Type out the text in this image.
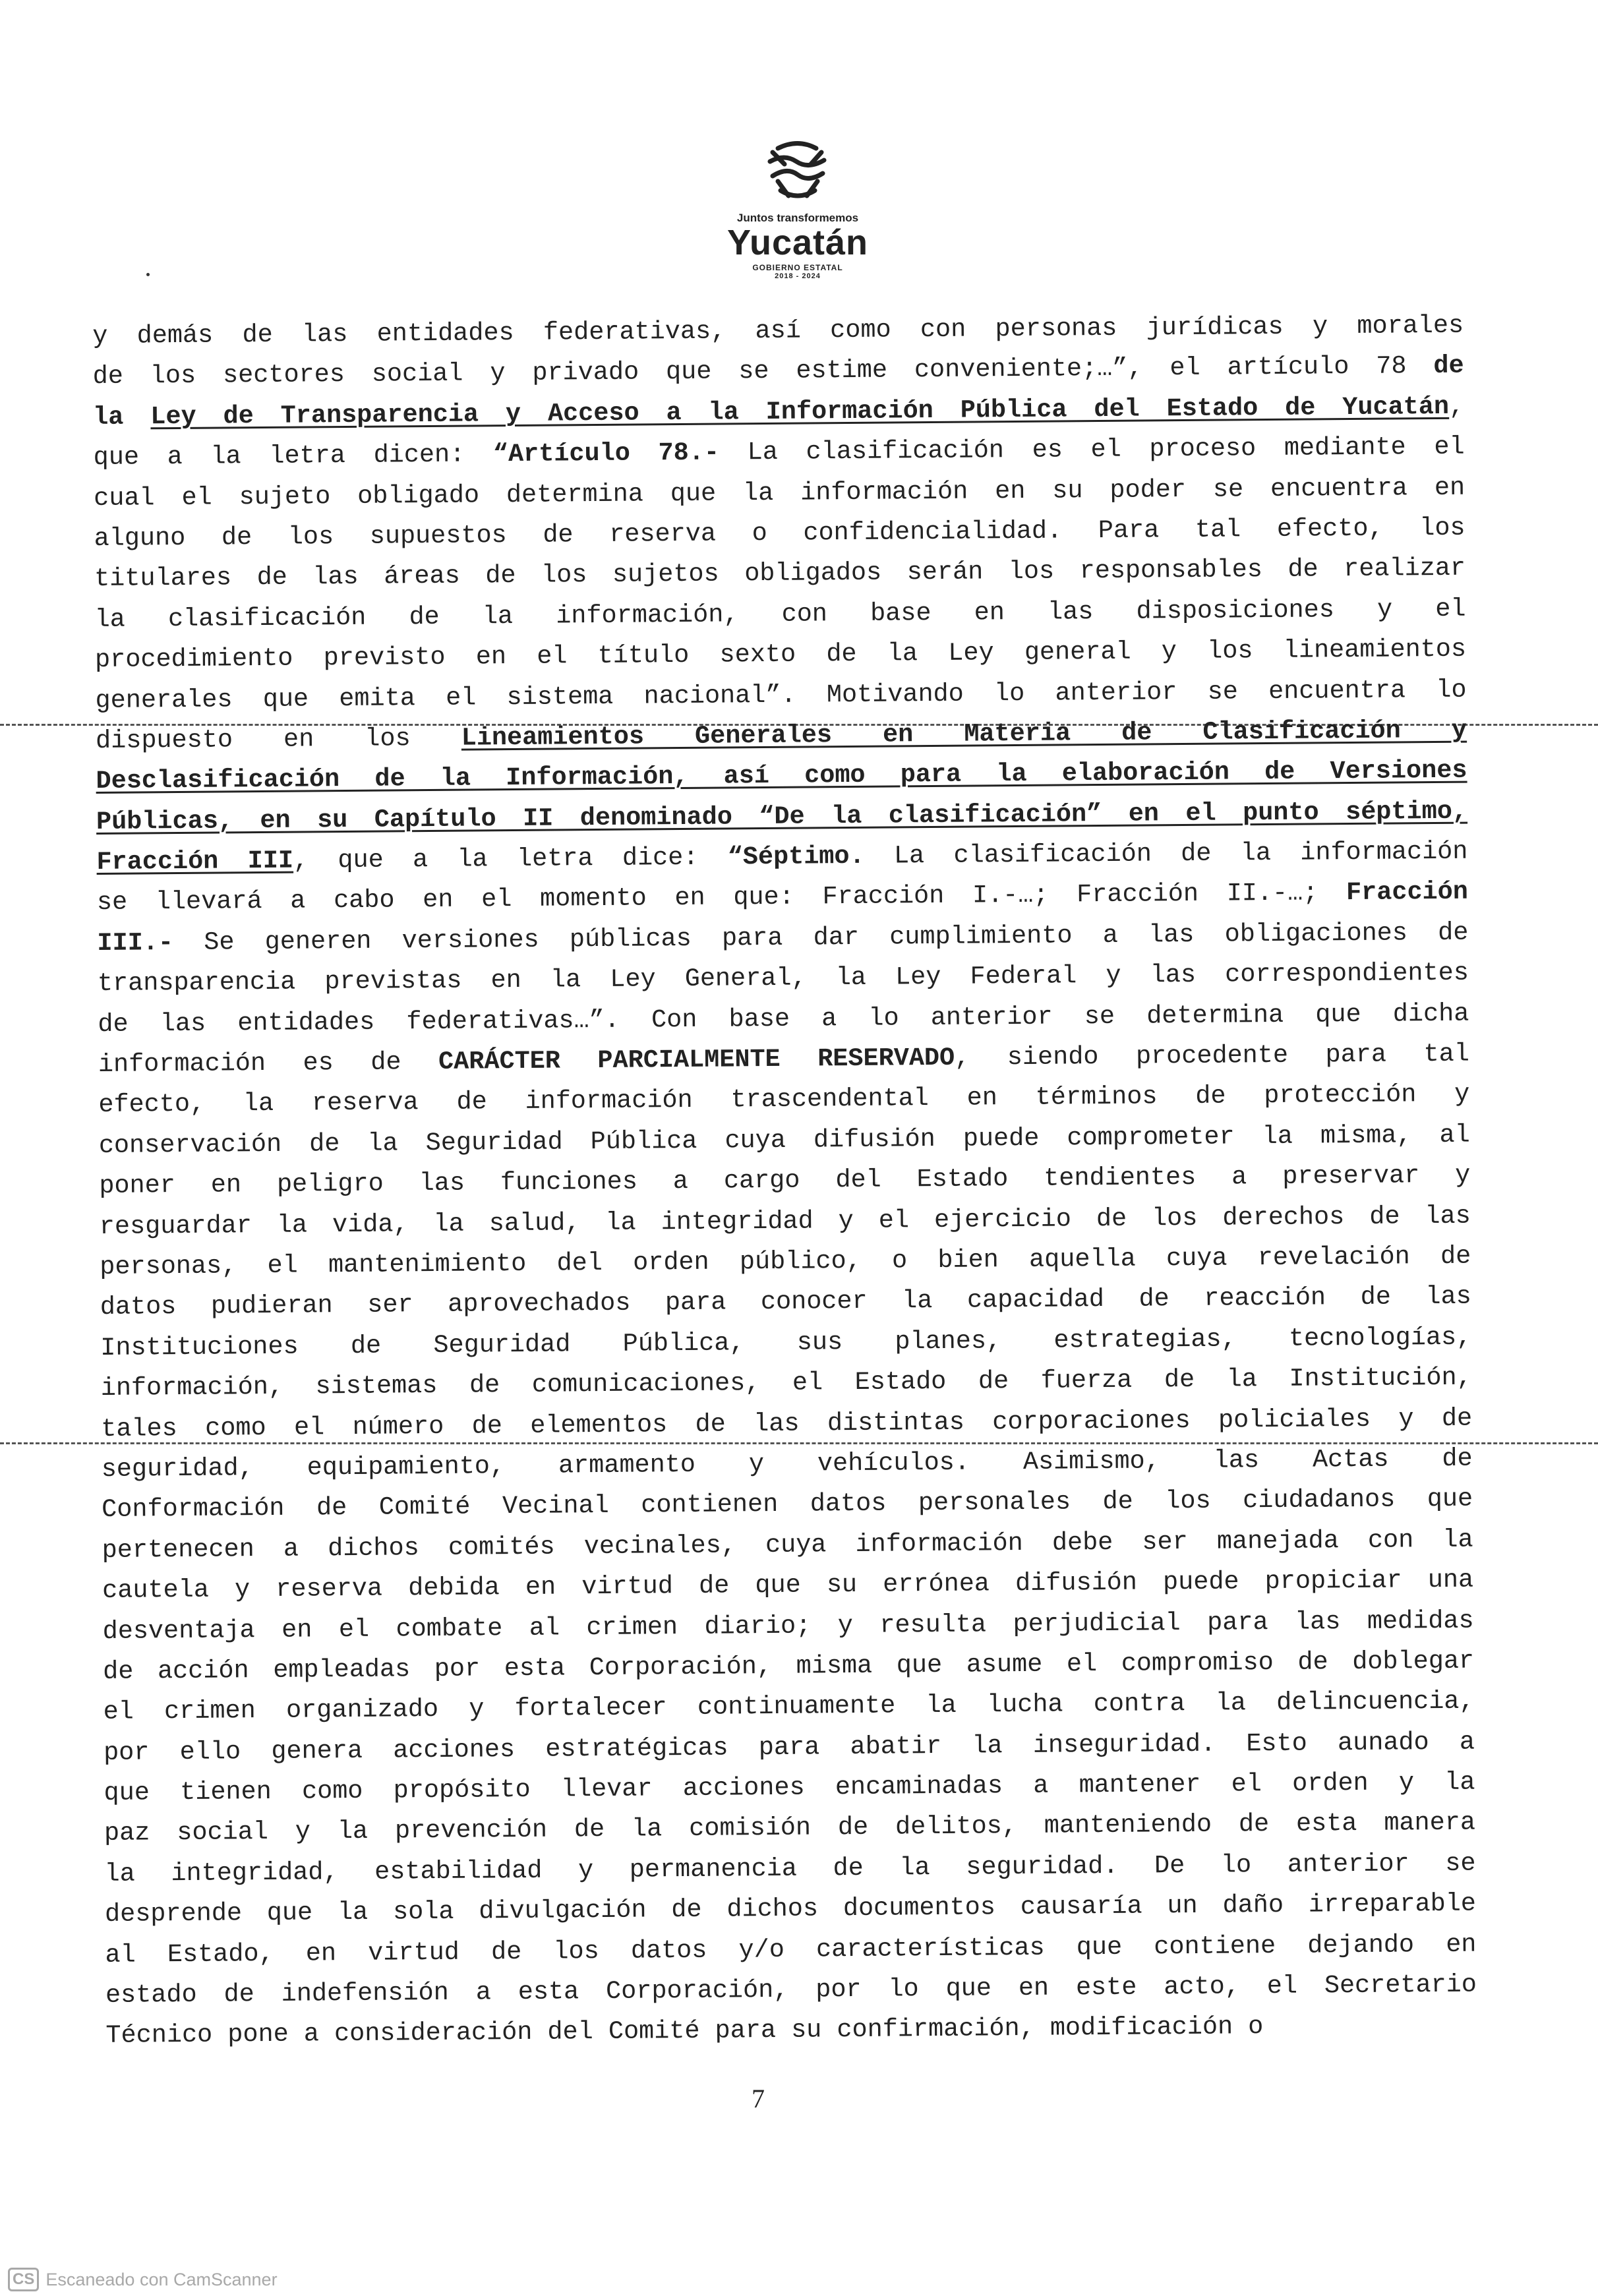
Juntos transformemos
Yucatán
GOBIERNO ESTATAL
2018 - 2024
y demás de las entidades federativas, así como con personas jurídicas y morales
de los sectores social y privado que se estime conveniente;…”, el artículo 78 de
la Ley de Transparencia y Acceso a la Información Pública del Estado de Yucatán,
que a la letra dicen: “Artículo 78.- La clasificación es el proceso mediante el
cual el sujeto obligado determina que la información en su poder se encuentra en
alguno de los supuestos de reserva o confidencialidad. Para tal efecto, los
titulares de las áreas de los sujetos obligados serán los responsables de realizar
la clasificación de la información, con base en las disposiciones y el
procedimiento previsto en el título sexto de la Ley general y los lineamientos
generales que emita el sistema nacional”. Motivando lo anterior se encuentra lo
dispuesto en los Lineamientos Generales en Materia de Clasificación y
Desclasificación de la Información, así como para la elaboración de Versiones
Públicas, en su Capítulo II denominado “De la clasificación” en el punto séptimo,
Fracción III, que a la letra dice: “Séptimo. La clasificación de la información
se llevará a cabo en el momento en que: Fracción I.-…; Fracción II.-…; Fracción
III.- Se generen versiones públicas para dar cumplimiento a las obligaciones de
transparencia previstas en la Ley General, la Ley Federal y las correspondientes
de las entidades federativas…”. Con base a lo anterior se determina que dicha
información es de CARÁCTER PARCIALMENTE RESERVADO, siendo procedente para tal
efecto, la reserva de información trascendental en términos de protección y
conservación de la Seguridad Pública cuya difusión puede comprometer la misma, al
poner en peligro las funciones a cargo del Estado tendientes a preservar y
resguardar la vida, la salud, la integridad y el ejercicio de los derechos de las
personas, el mantenimiento del orden público, o bien aquella cuya revelación de
datos pudieran ser aprovechados para conocer la capacidad de reacción de las
Instituciones de Seguridad Pública, sus planes, estrategias, tecnologías,
información, sistemas de comunicaciones, el Estado de fuerza de la Institución,
tales como el número de elementos de las distintas corporaciones policiales y de
seguridad, equipamiento, armamento y vehículos. Asimismo, las Actas de
Conformación de Comité Vecinal contienen datos personales de los ciudadanos que
pertenecen a dichos comités vecinales, cuya información debe ser manejada con la
cautela y reserva debida en virtud de que su errónea difusión puede propiciar una
desventaja en el combate al crimen diario; y resulta perjudicial para las medidas
de acción empleadas por esta Corporación, misma que asume el compromiso de doblegar
el crimen organizado y fortalecer continuamente la lucha contra la delincuencia,
por ello genera acciones estratégicas para abatir la inseguridad. Esto aunado a
que tienen como propósito llevar acciones encaminadas a mantener el orden y la
paz social y la prevención de la comisión de delitos, manteniendo de esta manera
la integridad, estabilidad y permanencia de la seguridad. De lo anterior se
desprende que la sola divulgación de dichos documentos causaría un daño irreparable
al Estado, en virtud de los datos y/o características que contiene dejando en
estado de indefensión a esta Corporación, por lo que en este acto, el Secretario
Técnico pone a consideración del Comité para su confirmación, modificación o
7
CS Escaneado con CamScanner
